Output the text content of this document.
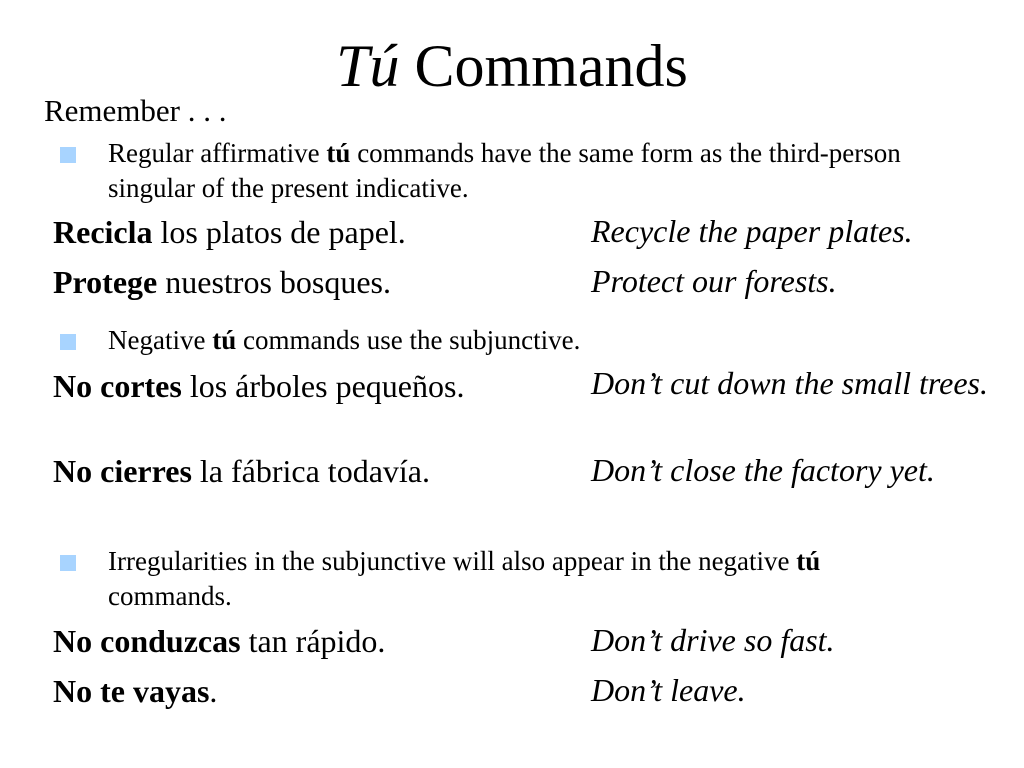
Tú Commands
Remember . . .
Regular affirmative tú commands have the same form as the third-person singular of the present indicative.
Recicla los platos de papel.	Recycle the paper plates.
Protege nuestros bosques.	Protect our forests.
Negative tú commands use the subjunctive.
No cortes los árboles pequeños.	Don’t cut down the small trees.
No cierres la fábrica todavía.	Don’t close the factory yet.
Irregularities in the subjunctive will also appear in the negative tú commands.
No conduzcas tan rápido.	Don’t drive so fast.
No te vayas.	Don’t leave.
